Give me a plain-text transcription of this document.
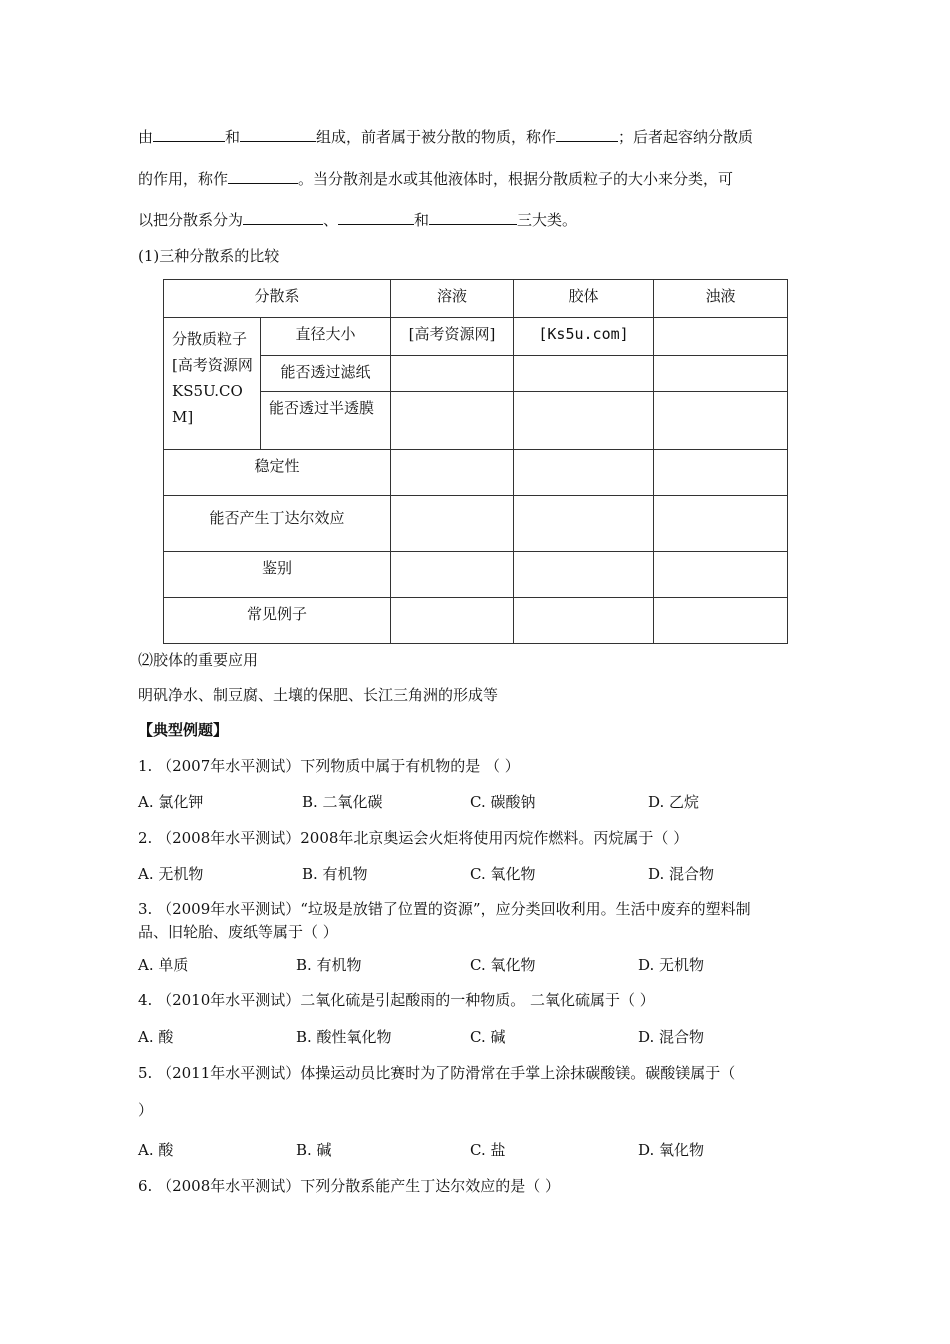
由	和	组成，前者属于被分散的物质，称作	；后者起容纳分散质
的作用，称作	。当分散剂是水或其他液体时，根据分散质粒子的大小来分类，可
以把分散系分为	、	和	三大类。
(1)三种分散系的比较
分散系		溶液	胶体	浊液
分散质粒子[高考资源网KS5U.COM]	直径大小	[高考资源网]	[Ks5u.com]	
	能否透过滤纸			
	能否透过半透膜			
稳定性				
能否产生丁达尔效应				
鉴别				
常见例子				
⑵胶体的重要应用
明矾净水、制豆腐、土壤的保肥、长江三角洲的形成等
【典型例题】
1. （2007年水平测试）下列物质中属于有机物的是 （ ）
A. 氯化钾	B. 二氧化碳	C. 碳酸钠	D. 乙烷
2. （2008年水平测试）2008年北京奥运会火炬将使用丙烷作燃料。丙烷属于（ ）
A. 无机物	B. 有机物	C. 氧化物	D. 混合物
3. （2009年水平测试）“垃圾是放错了位置的资源”，应分类回收利用。生活中废弃的塑料制
品、旧轮胎、废纸等属于（ ）
A. 单质	B. 有机物	C. 氧化物	D. 无机物
4. （2010年水平测试）二氧化硫是引起酸雨的一种物质。 二氧化硫属于（ ）
A. 酸	B. 酸性氧化物	C. 碱	D. 混合物
5. （2011年水平测试）体操运动员比赛时为了防滑常在手掌上涂抹碳酸镁。碳酸镁属于（
）
A. 酸	B. 碱	C. 盐	D. 氧化物
6. （2008年水平测试）下列分散系能产生丁达尔效应的是（ ）
